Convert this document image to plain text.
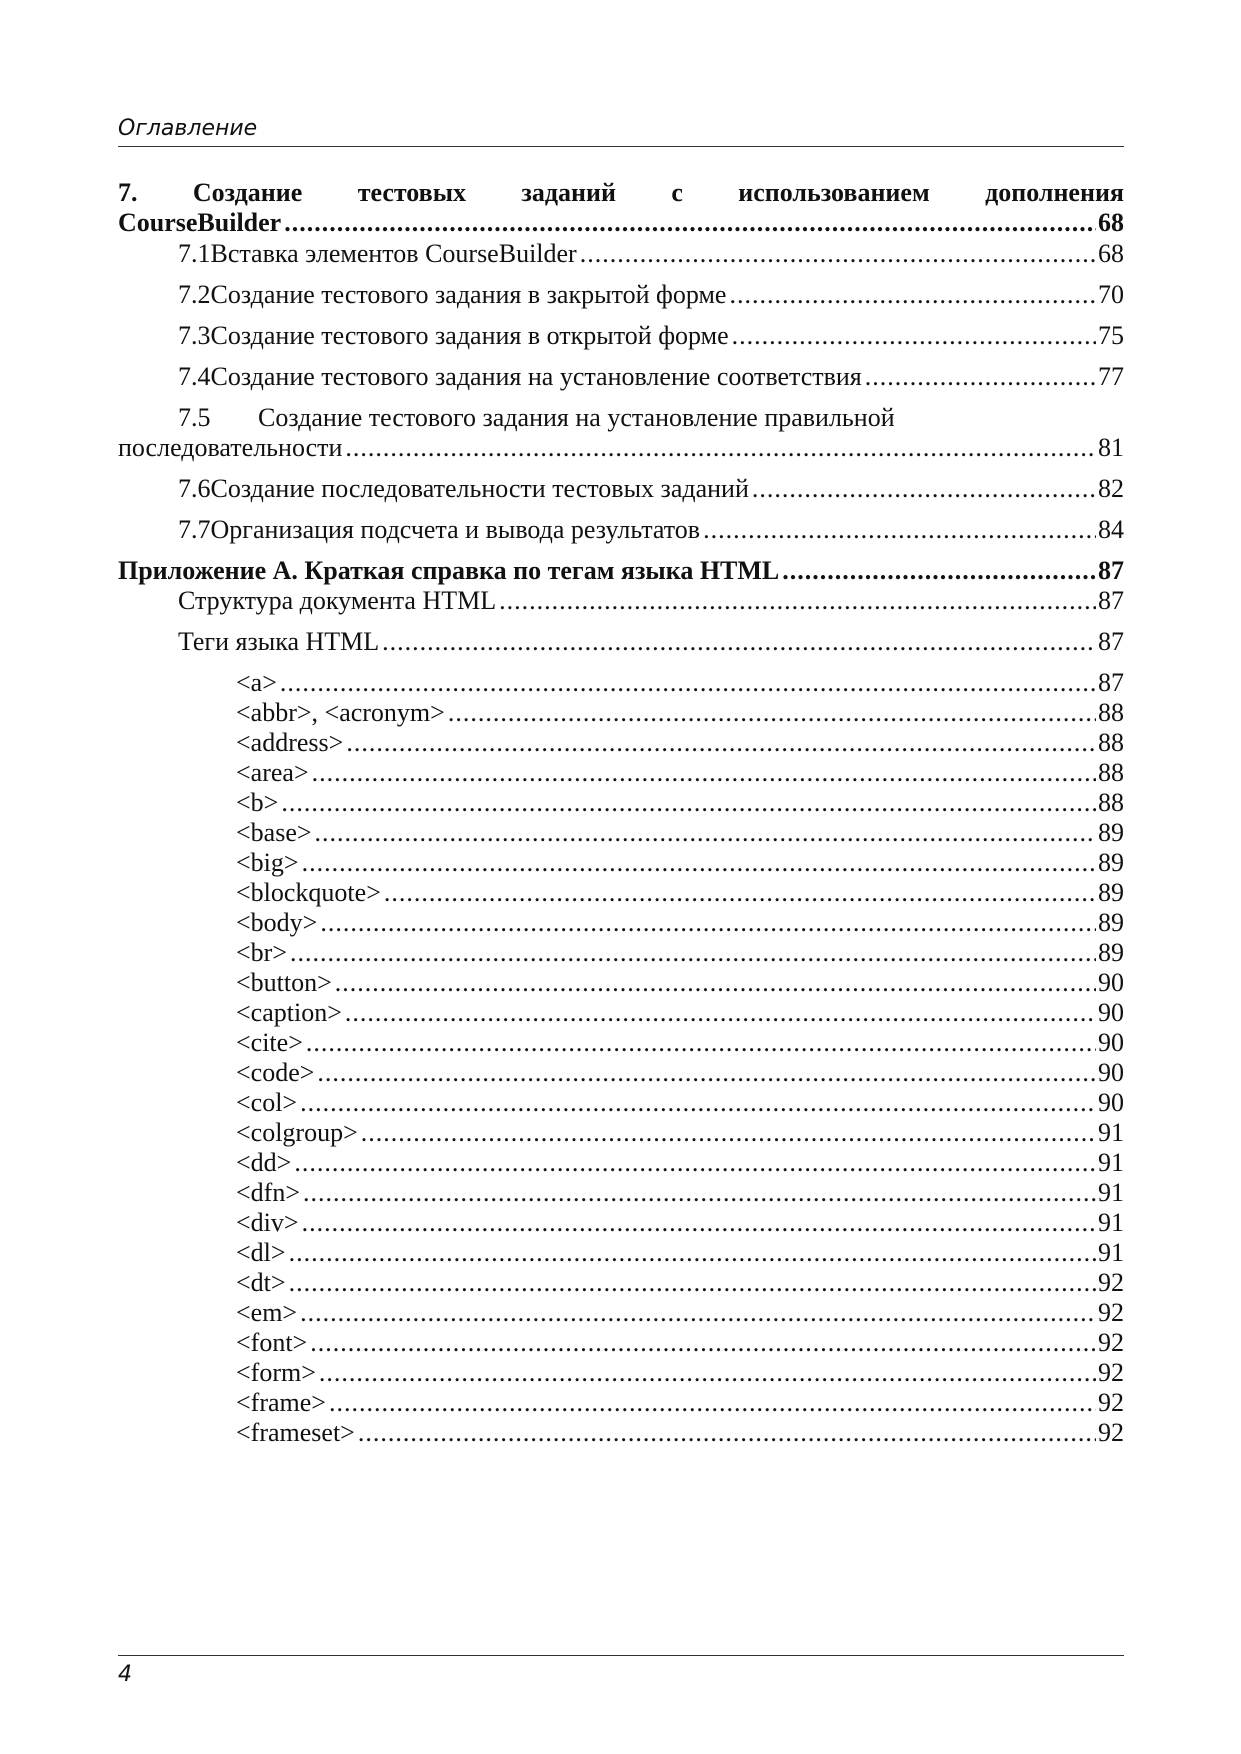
Оглавление
7. Создание тестовых заданий с использованием дополнения
CourseBuilder .....	68
7.1 Вставка элементов CourseBuilder .....	68
7.2 Создание тестового задания в закрытой форме .....	70
7.3 Создание тестового задания в открытой форме .....	75
7.4 Создание тестового задания на установление соответствия .....	77
7.5	Создание тестового задания на установление правильной
последовательности .....	81
7.6 Создание последовательности тестовых заданий .....	82
7.7 Организация подсчета и вывода результатов .....	84
Приложение А. Краткая справка по тегам языка HTML .....	87
Структура документа HTML .....	87
Теги языка HTML .....	87
<a> .....	87
<abbr>, <acronym> .....	88
<address> .....	88
<area> .....	88
<b> .....	88
<base> .....	89
<big> .....	89
<blockquote> .....	89
<body> .....	89
<br> .....	89
<button> .....	90
<caption> .....	90
<cite> .....	90
<code> .....	90
<col> .....	90
<colgroup> .....	91
<dd> .....	91
<dfn> .....	91
<div> .....	91
<dl> .....	91
<dt> .....	92
<em> .....	92
<font> .....	92
<form> .....	92
<frame> .....	92
<frameset> .....	92
4
